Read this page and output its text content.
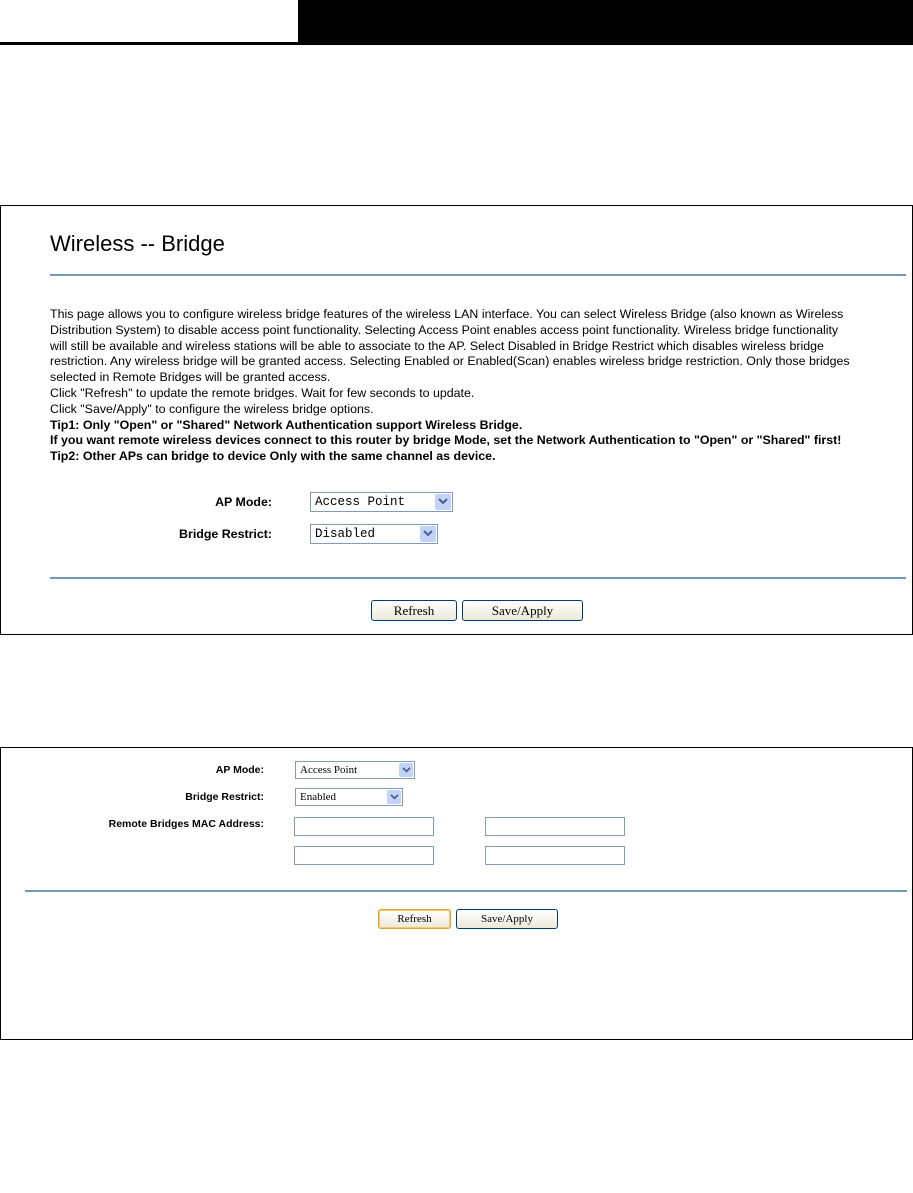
Wireless -- Bridge
This page allows you to configure wireless bridge features of the wireless LAN interface. You can select Wireless Bridge (also known as Wireless
Distribution System) to disable access point functionality. Selecting Access Point enables access point functionality. Wireless bridge functionality
will still be available and wireless stations will be able to associate to the AP. Select Disabled in Bridge Restrict which disables wireless bridge
restriction. Any wireless bridge will be granted access. Selecting Enabled or Enabled(Scan) enables wireless bridge restriction. Only those bridges
selected in Remote Bridges will be granted access.
Click "Refresh" to update the remote bridges. Wait for few seconds to update.
Click "Save/Apply" to configure the wireless bridge options.
Tip1: Only "Open" or "Shared" Network Authentication support Wireless Bridge.
If you want remote wireless devices connect to this router by bridge Mode, set the Network Authentication to "Open" or "Shared" first!
Tip2: Other APs can bridge to device Only with the same channel as device.
AP Mode:	Access Point
Bridge Restrict:	Disabled
Refresh	Save/Apply
AP Mode:	Access Point
Bridge Restrict:	Enabled
Remote Bridges MAC Address:
Refresh	Save/Apply
